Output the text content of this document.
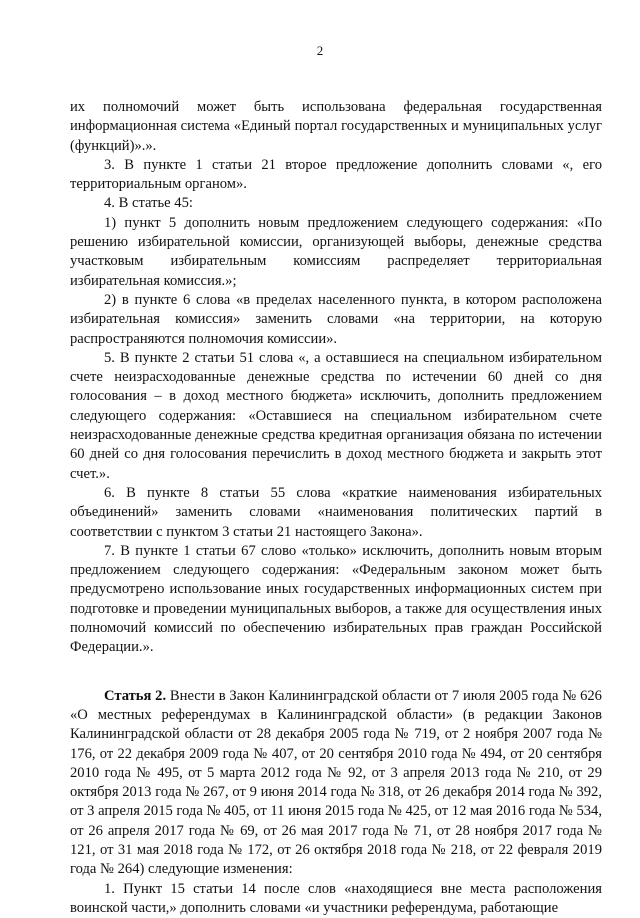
2

их полномочий может быть использована федеральная государственная информационная система «Единый портал государственных и муниципальных услуг (функций)».».

3. В пункте 1 статьи 21 второе предложение дополнить словами «, его территориальным органом».

4. В статье 45:

1) пункт 5 дополнить новым предложением следующего содержания: «По решению избирательной комиссии, организующей выборы, денежные средства участковым избирательным комиссиям распределяет территориальная избирательная комиссия.»;

2) в пункте 6 слова «в пределах населенного пункта, в котором расположена избирательная комиссия» заменить словами «на территории, на которую распространяются полномочия комиссии».

5. В пункте 2 статьи 51 слова «, а оставшиеся на специальном избирательном счете неизрасходованные денежные средства по истечении 60 дней со дня голосования – в доход местного бюджета» исключить, дополнить предложением следующего содержания: «Оставшиеся на специальном избирательном счете неизрасходованные денежные средства кредитная организация обязана по истечении 60 дней со дня голосования перечислить в доход местного бюджета и закрыть этот счет.».

6. В пункте 8 статьи 55 слова «краткие наименования избирательных объединений» заменить словами «наименования политических партий в соответствии с пунктом 3 статьи 21 настоящего Закона».

7. В пункте 1 статьи 67 слово «только» исключить, дополнить новым вторым предложением следующего содержания: «Федеральным законом может быть предусмотрено использование иных государственных информационных систем при подготовке и проведении муниципальных выборов, а также для осуществления иных полномочий комиссий по обеспечению избирательных прав граждан Российской Федерации.».

Статья 2. Внести в Закон Калининградской области от 7 июля 2005 года № 626 «О местных референдумах в Калининградской области» (в редакции Законов Калининградской области от 28 декабря 2005 года № 719, от 2 ноября 2007 года № 176, от 22 декабря 2009 года № 407, от 20 сентября 2010 года № 494, от 20 сентября 2010 года № 495, от 5 марта 2012 года № 92, от 3 апреля 2013 года № 210, от 29 октября 2013 года № 267, от 9 июня 2014 года № 318, от 26 декабря 2014 года № 392, от 3 апреля 2015 года № 405, от 11 июня 2015 года № 425, от 12 мая 2016 года № 534, от 26 апреля 2017 года № 69, от 26 мая 2017 года № 71, от 28 ноября 2017 года № 121, от 31 мая 2018 года № 172, от 26 октября 2018 года № 218, от 22 февраля 2019 года № 264) следующие изменения:

1. Пункт 15 статьи 14 после слов «находящиеся вне места расположения воинской части,» дополнить словами «и участники референдума, работающие
